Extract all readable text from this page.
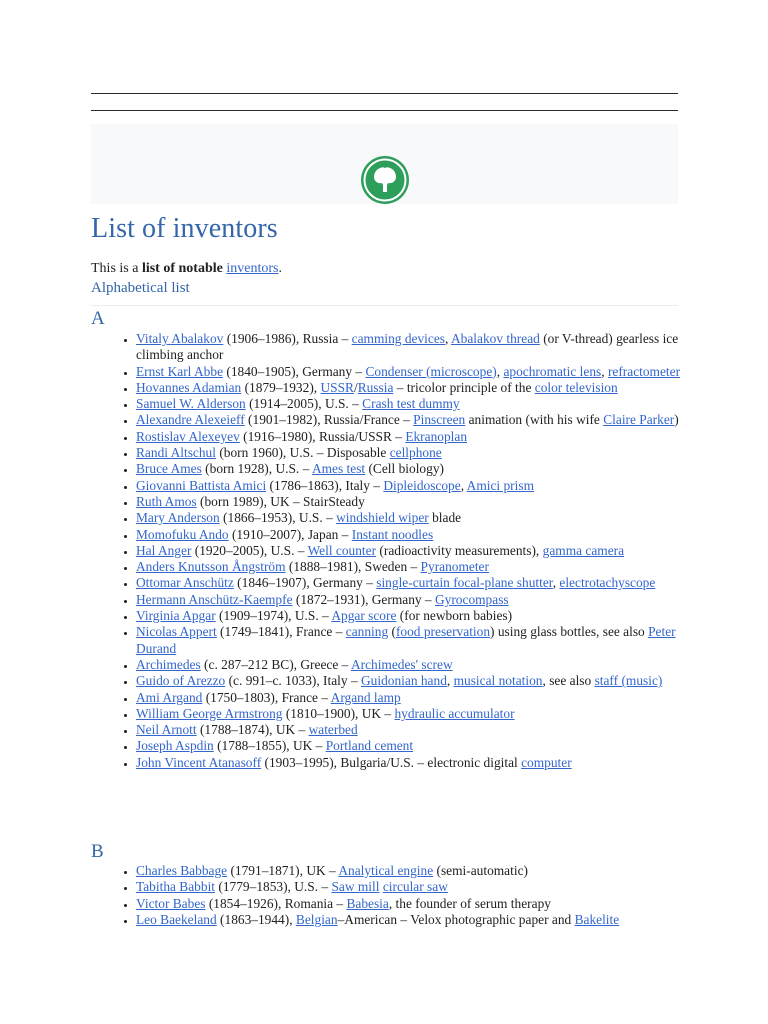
List of inventors
This is a list of notable inventors.
Alphabetical list
A
• Vitaly Abalakov (1906–1986), Russia – camming devices, Abalakov thread (or V-thread) gearless ice climbing anchor
• Ernst Karl Abbe (1840–1905), Germany – Condenser (microscope), apochromatic lens, refractometer
• Hovannes Adamian (1879–1932), USSR/Russia – tricolor principle of the color television
• Samuel W. Alderson (1914–2005), U.S. – Crash test dummy
• Alexandre Alexeieff (1901–1982), Russia/France – Pinscreen animation (with his wife Claire Parker)
• Rostislav Alexeyev (1916–1980), Russia/USSR – Ekranoplan
• Randi Altschul (born 1960), U.S. – Disposable cellphone
• Bruce Ames (born 1928), U.S. – Ames test (Cell biology)
• Giovanni Battista Amici (1786–1863), Italy – Dipleidoscope, Amici prism
• Ruth Amos (born 1989), UK – StairSteady
• Mary Anderson (1866–1953), U.S. – windshield wiper blade
• Momofuku Ando (1910–2007), Japan – Instant noodles
• Hal Anger (1920–2005), U.S. – Well counter (radioactivity measurements), gamma camera
• Anders Knutsson Ångström (1888–1981), Sweden – Pyranometer
• Ottomar Anschütz (1846–1907), Germany – single-curtain focal-plane shutter, electrotachyscope
• Hermann Anschütz-Kaempfe (1872–1931), Germany – Gyrocompass
• Virginia Apgar (1909–1974), U.S. – Apgar score (for newborn babies)
• Nicolas Appert (1749–1841), France – canning (food preservation) using glass bottles, see also Peter Durand
• Archimedes (c. 287–212 BC), Greece – Archimedes' screw
• Guido of Arezzo (c. 991–c. 1033), Italy – Guidonian hand, musical notation, see also staff (music)
• Ami Argand (1750–1803), France – Argand lamp
• William George Armstrong (1810–1900), UK – hydraulic accumulator
• Neil Arnott (1788–1874), UK – waterbed
• Joseph Aspdin (1788–1855), UK – Portland cement
• John Vincent Atanasoff (1903–1995), Bulgaria/U.S. – electronic digital computer
B
• Charles Babbage (1791–1871), UK – Analytical engine (semi-automatic)
• Tabitha Babbit (1779–1853), U.S. – Saw mill circular saw
• Victor Babes (1854–1926), Romania – Babesia, the founder of serum therapy
• Leo Baekeland (1863–1944), Belgian–American – Velox photographic paper and Bakelite
